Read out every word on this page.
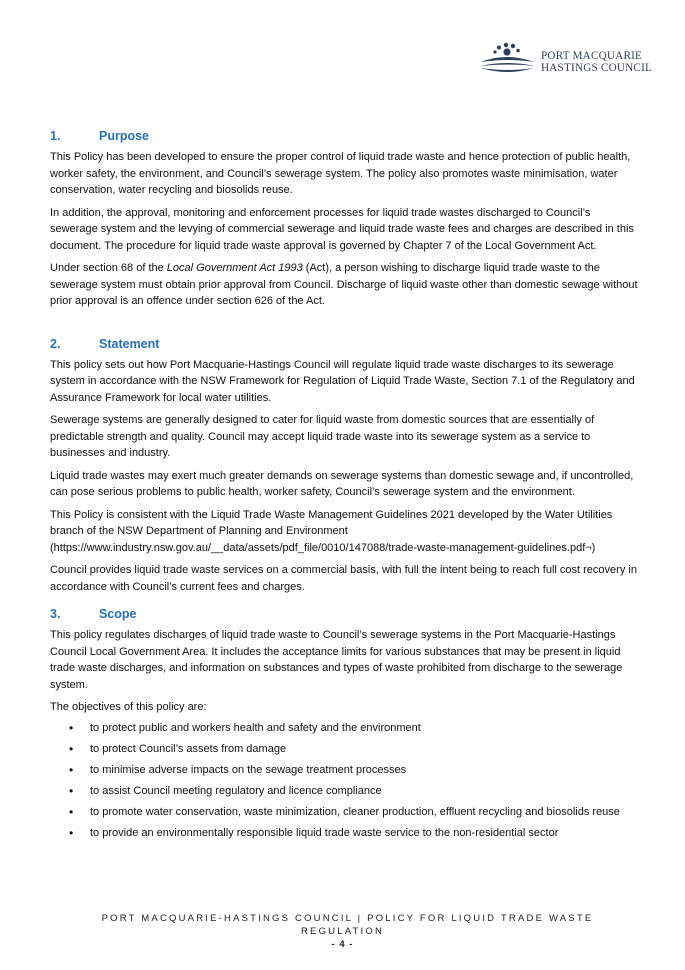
PORT MACQUARIE
HASTINGS COUNCIL
1.	Purpose

This Policy has been developed to ensure the proper control of liquid trade waste and hence protection of public health, worker safety, the environment, and Council’s sewerage system. The policy also promotes waste minimisation, water conservation, water recycling and biosolids reuse.

In addition, the approval, monitoring and enforcement processes for liquid trade wastes discharged to Council’s sewerage system and the levying of commercial sewerage and liquid trade waste fees and charges are described in this document. The procedure for liquid trade waste approval is governed by Chapter 7 of the Local Government Act.

Under section 68 of the Local Government Act 1993 (Act), a person wishing to discharge liquid trade waste to the sewerage system must obtain prior approval from Council. Discharge of liquid waste other than domestic sewage without prior approval is an offence under section 626 of the Act.

2.	Statement

This policy sets out how Port Macquarie-Hastings Council will regulate liquid trade waste discharges to its sewerage system in accordance with the NSW Framework for Regulation of Liquid Trade Waste, Section 7.1 of the Regulatory and Assurance Framework for local water utilities.

Sewerage systems are generally designed to cater for liquid waste from domestic sources that are essentially of predictable strength and quality. Council may accept liquid trade waste into its sewerage system as a service to businesses and industry.

Liquid trade wastes may exert much greater demands on sewerage systems than domestic sewage and, if uncontrolled, can pose serious problems to public health, worker safety, Council’s sewerage system and the environment.

This Policy is consistent with the Liquid Trade Waste Management Guidelines 2021 developed by the Water Utilities branch of the NSW Department of Planning and Environment
(https://www.industry.nsw.gov.au/__data/assets/pdf_file/0010/147088/trade-waste-management-guidelines.pdf¬)

Council provides liquid trade waste services on a commercial basis, with full the intent being to reach full cost recovery in accordance with Council’s current fees and charges.

3.	Scope

This policy regulates discharges of liquid trade waste to Council’s sewerage systems in the Port Macquarie-Hastings Council Local Government Area. It includes the acceptance limits for various substances that may be present in liquid trade waste discharges, and information on substances and types of waste prohibited from discharge to the sewerage system.

The objectives of this policy are:

• to protect public and workers health and safety and the environment
• to protect Council’s assets from damage
• to minimise adverse impacts on the sewage treatment processes
• to assist Council meeting regulatory and licence compliance
• to promote water conservation, waste minimization, cleaner production, effluent recycling and biosolids reuse
• to provide an environmentally responsible liquid trade waste service to the non-residential sector
PORT MACQUARIE-HASTINGS COUNCIL | POLICY FOR LIQUID TRADE WASTE
REGULATION
- 4 -
